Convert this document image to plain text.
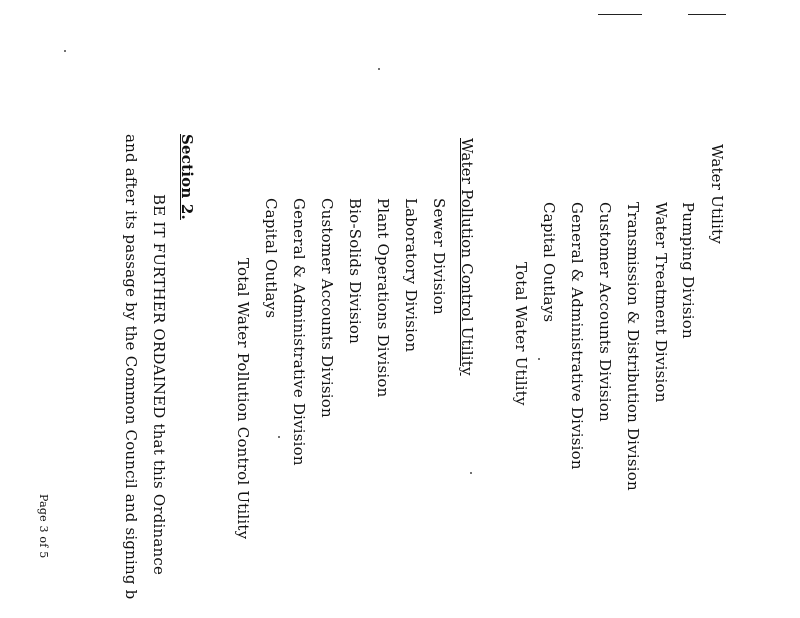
Water Utility
Pumping Division
Water Treatment Division
Transmission & Distribution Division
Customer Accounts Division
General & Administrative Division
Capital Outlays
Total Water Utility
Water Pollution Control Utility
Sewer Division
Laboratory Division
Plant Operations Division
Bio-Solids Division
Customer Accounts Division
General & Administrative Division
Capital Outlays
Total Water Pollution Control Utility
Section 2.
BE IT FURTHER ORDAINED that this Ordinance
and after its passage by the Common Council and signing b
Page 3 of 5
